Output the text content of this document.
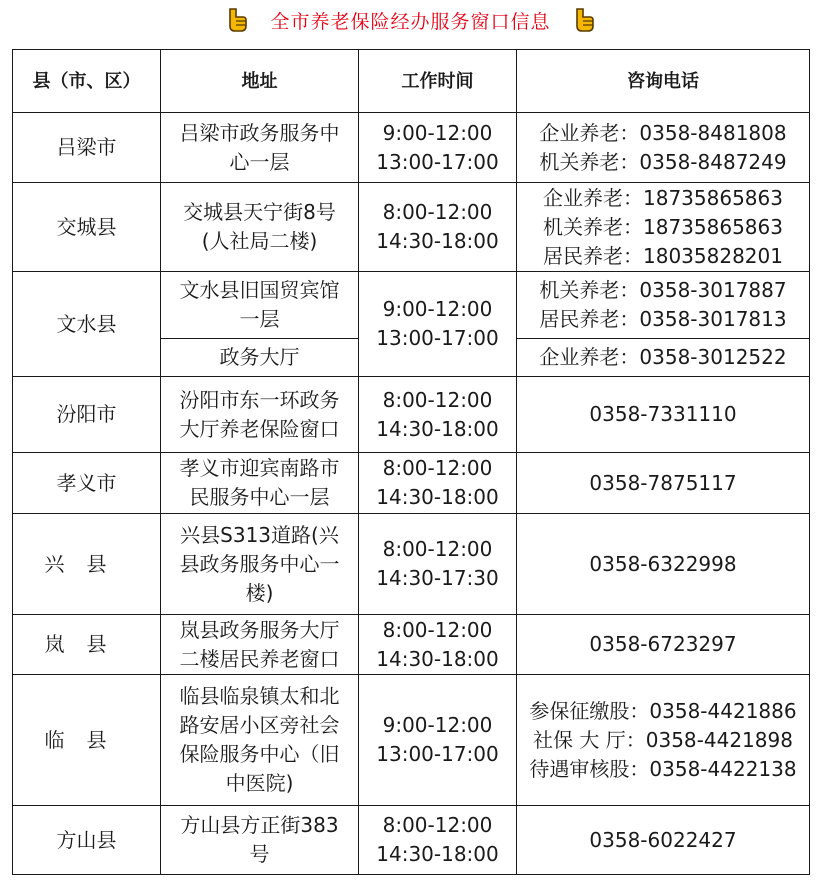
全市养老保险经办服务窗口信息
县（市、区）	地址	工作时间	咨询电话
吕梁市	吕梁市政务服务中
心一层	9:00-12:00
13:00-17:00	企业养老：0358-8481808
机关养老：0358-8487249

交城县	交城县天宁街8号
(人社局二楼)	8:00-12:00
14:30-18:00	企业养老：18735865863
机关养老：18735865863
居民养老：18035828201

文水县	文水县旧国贸宾馆
一层	9:00-12:00
13:00-17:00	机关养老：0358-3017887
居民养老：0358-3017813

	政务大厅		企业养老：0358-3012522
汾阳市	汾阳市东一环政务
大厅养老保险窗口	8:00-12:00
14:30-18:00	0358-7331110
孝义市	孝义市迎宾南路市
民服务中心一层	8:00-12:00
14:30-18:00	0358-7875117
兴县	兴县S313道路(兴
县政务服务中心一
楼)	8:00-12:00
14:30-17:30	0358-6322998
岚县	岚县政务服务大厅
二楼居民养老窗口	8:00-12:00
14:30-18:00	0358-6723297
临县	临县临泉镇太和北
路安居小区旁社会
保险服务中心（旧
中医院)	9:00-12:00
13:00-17:00	参保征缴股：0358-4421886
社保 大 厅：0358-4421898
待遇审核股：0358-4422138

方山县	方山县方正街383
号	8:00-12:00
14:30-18:00	0358-6022427
